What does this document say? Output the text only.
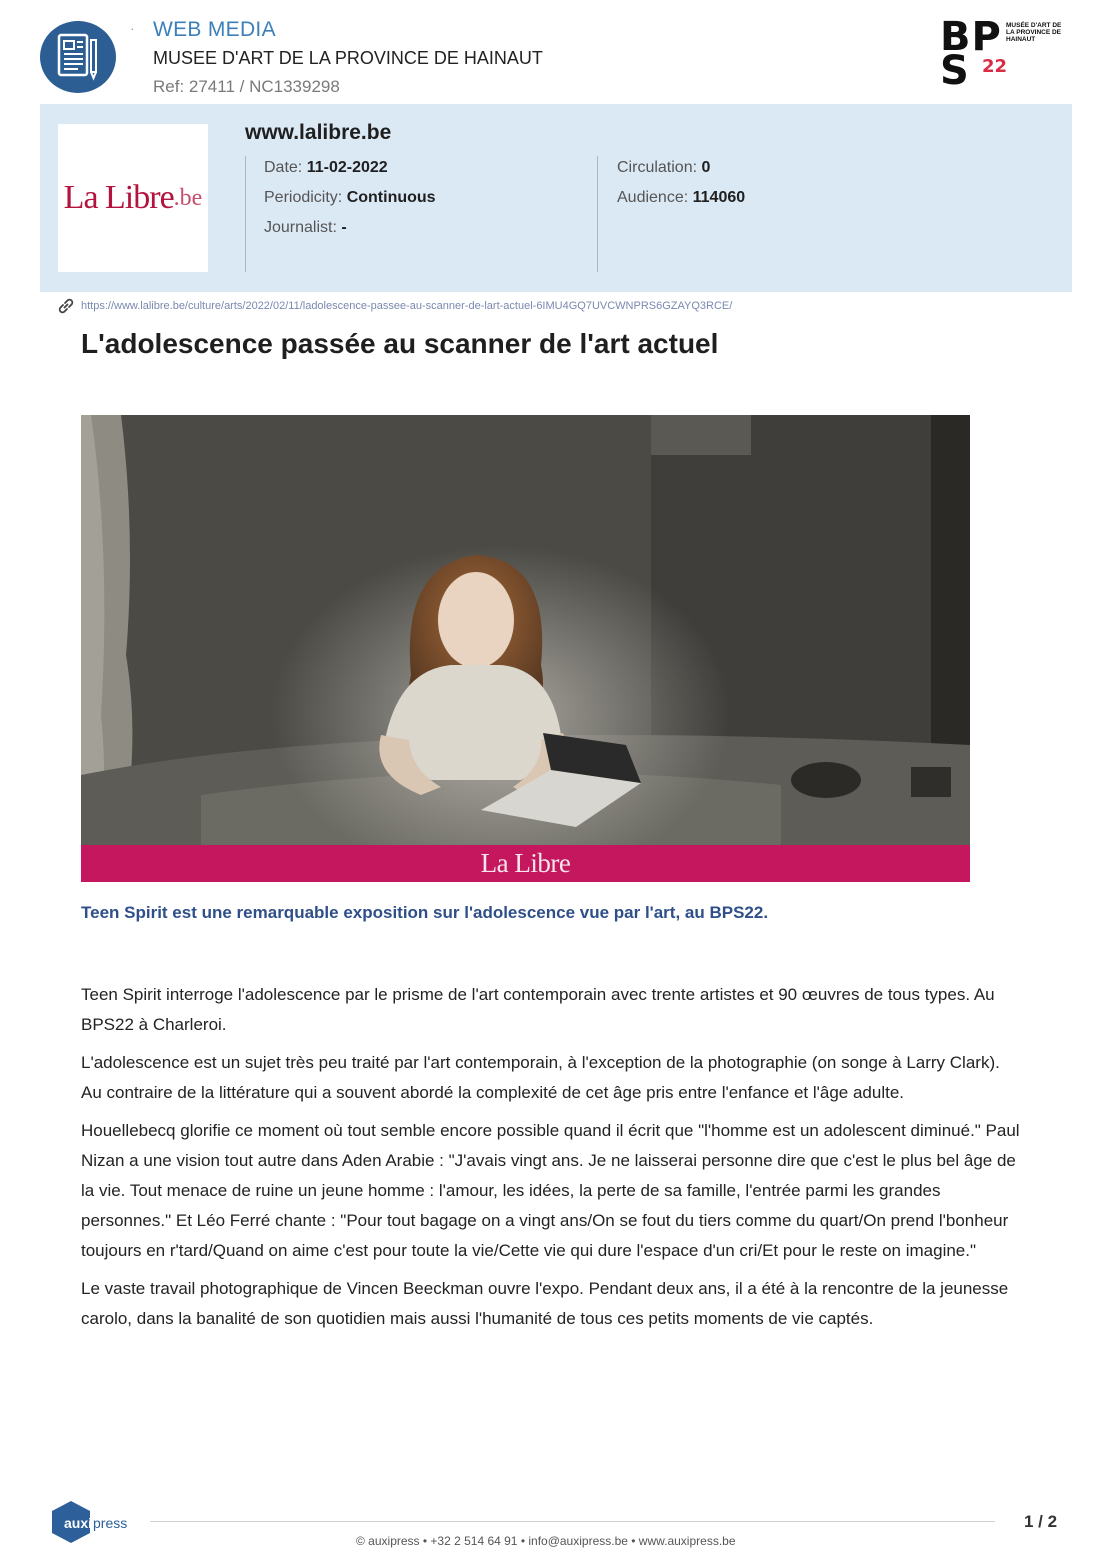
· WEB MEDIA
MUSEE D'ART DE LA PROVINCE DE HAINAUT
Ref: 27411 / NC1339298
BP
S 22
MUSÉE D'ART DE LA PROVINCE DE HAINAUT
La Libre .be
www.lalibre.be
Date: 11-02-2022
Periodicity: Continuous
Journalist: -
Circulation: 0
Audience: 114060
https://www.lalibre.be/culture/arts/2022/02/11/ladolescence-passee-au-scanner-de-lart-actuel-6IMU4GQ7UVCWNPRS6GZAYQ3RCE/
L'adolescence passée au scanner de l'art actuel
La Libre
Teen Spirit est une remarquable exposition sur l'adolescence vue par l'art, au BPS22.

Teen Spirit interroge l'adolescence par le prisme de l'art contemporain avec trente artistes et 90 œuvres de tous types. Au BPS22 à Charleroi.

L'adolescence est un sujet très peu traité par l'art contemporain, à l'exception de la photographie (on songe à Larry Clark). Au contraire de la littérature qui a souvent abordé la complexité de cet âge pris entre l'enfance et l'âge adulte.

Houellebecq glorifie ce moment où tout semble encore possible quand il écrit que "l'homme est un adolescent diminué." Paul Nizan a une vision tout autre dans Aden Arabie : "J'avais vingt ans. Je ne laisserai personne dire que c'est le plus bel âge de la vie. Tout menace de ruine un jeune homme : l'amour, les idées, la perte de sa famille, l'entrée parmi les grandes personnes." Et Léo Ferré chante : "Pour tout bagage on a vingt ans/On se fout du tiers comme du quart/On prend l'bonheur toujours en r'tard/Quand on aime c'est pour toute la vie/Cette vie qui dure l'espace d'un cri/Et pour le reste on imagine."

Le vaste travail photographique de Vincen Beeckman ouvre l'expo. Pendant deux ans, il a été à la rencontre de la jeunesse carolo, dans la banalité de son quotidien mais aussi l'humanité de tous ces petits moments de vie captés.

auxi press	1 / 2
© auxipress • +32 2 514 64 91 • info@auxipress.be • www.auxipress.be
